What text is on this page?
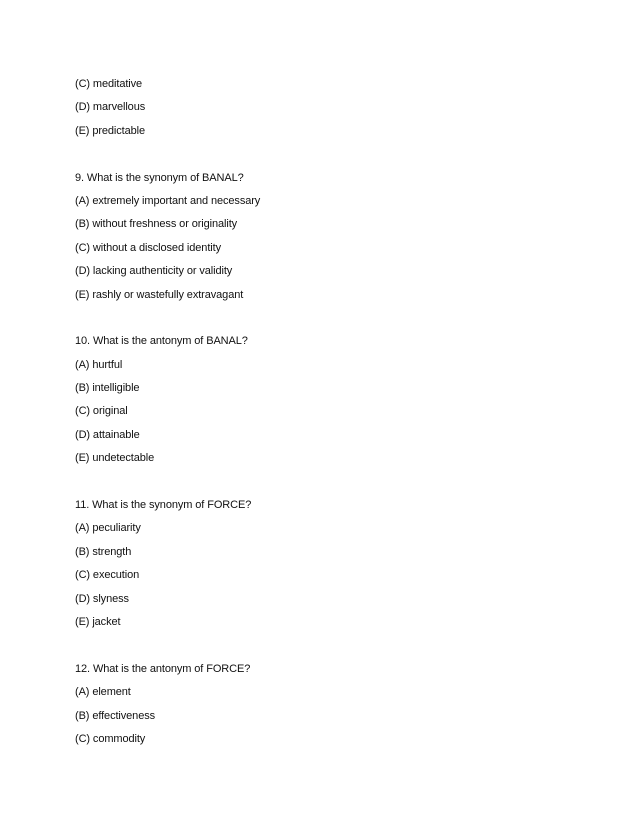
(C) meditative
(D) marvellous
(E) predictable
9. What is the synonym of BANAL?
(A) extremely important and necessary
(B) without freshness or originality
(C) without a disclosed identity
(D) lacking authenticity or validity
(E) rashly or wastefully extravagant
10. What is the antonym of BANAL?
(A) hurtful
(B) intelligible
(C) original
(D) attainable
(E) undetectable
11. What is the synonym of FORCE?
(A) peculiarity
(B) strength
(C) execution
(D) slyness
(E) jacket
12. What is the antonym of FORCE?
(A) element
(B) effectiveness
(C) commodity
